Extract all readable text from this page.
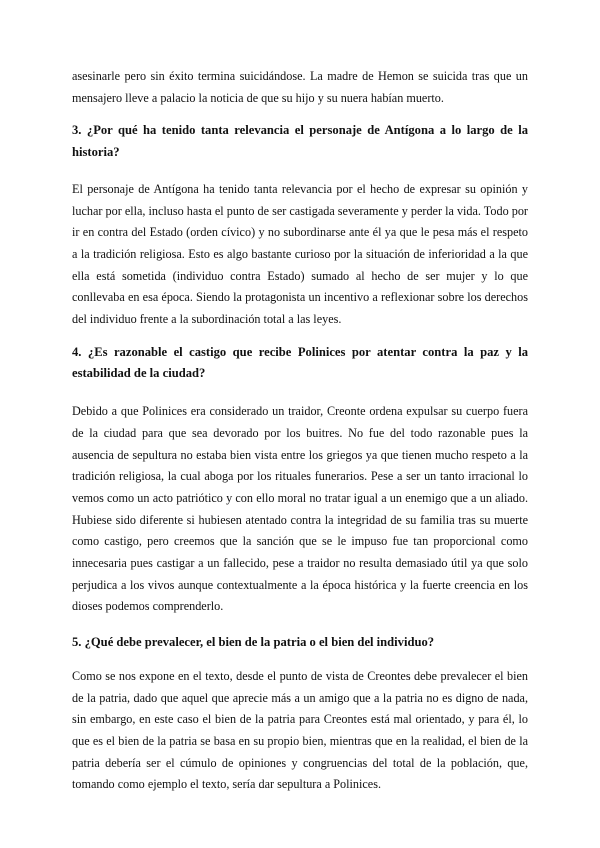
asesinarle pero sin éxito termina suicidándose. La madre de Hemon se suicida tras que un mensajero lleve a palacio la noticia de que su hijo y su nuera habían muerto.

3. ¿Por qué ha tenido tanta relevancia el personaje de Antígona a lo largo de la historia?

El personaje de Antígona ha tenido tanta relevancia por el hecho de expresar su opinión y luchar por ella, incluso hasta el punto de ser castigada severamente y perder la vida. Todo por ir en contra del Estado (orden cívico) y no subordinarse ante él ya que le pesa más el respeto a la tradición religiosa. Esto es algo bastante curioso por la situación de inferioridad a la que ella está sometida (individuo contra Estado) sumado al hecho de ser mujer y lo que conllevaba en esa época. Siendo la protagonista un incentivo a reflexionar sobre los derechos del individuo frente a la subordinación total a las leyes.

4. ¿Es razonable el castigo que recibe Polinices por atentar contra la paz y la estabilidad de la ciudad?

Debido a que Polinices era considerado un traidor, Creonte ordena expulsar su cuerpo fuera de la ciudad para que sea devorado por los buitres. No fue del todo razonable pues la ausencia de sepultura no estaba bien vista entre los griegos ya que tienen mucho respeto a la tradición religiosa, la cual aboga por los rituales funerarios. Pese a ser un tanto irracional lo vemos como un acto patriótico y con ello moral no tratar igual a un enemigo que a un aliado. Hubiese sido diferente si hubiesen atentado contra la integridad de su familia tras su muerte como castigo, pero creemos que la sanción que se le impuso fue tan proporcional como innecesaria pues castigar a un fallecido, pese a traidor no resulta demasiado útil ya que solo perjudica a los vivos aunque contextualmente a la época histórica y la fuerte creencia en los dioses podemos comprenderlo.

5. ¿Qué debe prevalecer, el bien de la patria o el bien del individuo?

Como se nos expone en el texto, desde el punto de vista de Creontes debe prevalecer el bien de la patria, dado que aquel que aprecie más a un amigo que a la patria no es digno de nada, sin embargo, en este caso el bien de la patria para Creontes está mal orientado, y para él, lo que es el bien de la patria se basa en su propio bien, mientras que en la realidad, el bien de la patria debería ser el cúmulo de opiniones y congruencias del total de la población, que, tomando como ejemplo el texto, sería dar sepultura a Polinices.
